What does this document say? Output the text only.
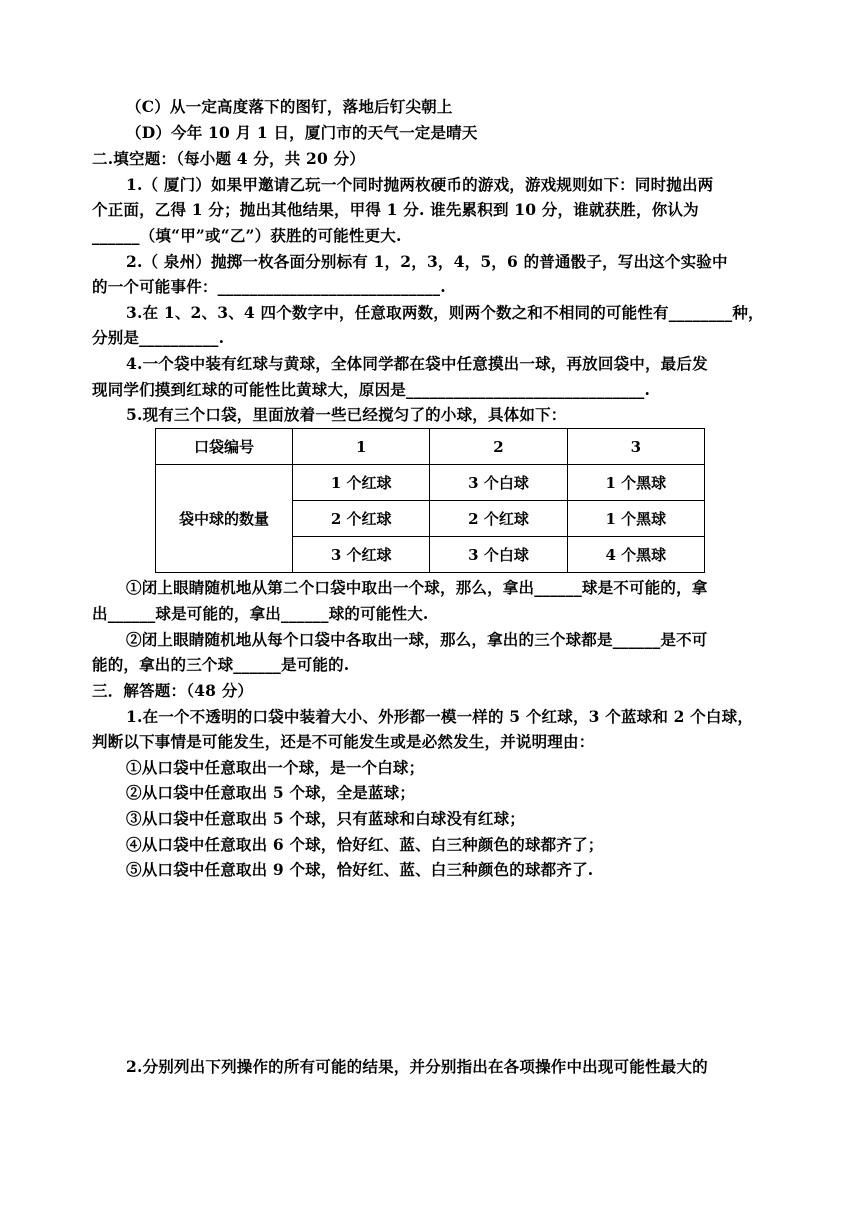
（C）从一定高度落下的图钉，落地后钉尖朝上
（D）今年 10 月 1 日，厦门市的天气一定是晴天
二.填空题：（每小题 4 分，共 20 分）
1.（ 厦门）如果甲邀请乙玩一个同时抛两枚硬币的游戏，游戏规则如下：同时抛出两
个正面，乙得 1 分；抛出其他结果，甲得 1 分. 谁先累积到 10 分，谁就获胜，你认为
______（填“甲”或“乙”）获胜的可能性更大.
2.（ 泉州）抛掷一枚各面分别标有 1，2，3，4，5，6 的普通骰子，写出这个实验中
的一个可能事件：____________________________.
3.在 1、2、3、4 四个数字中，任意取两数，则两个数之和不相同的可能性有________种，
分别是__________.
4.一个袋中装有红球与黄球，全体同学都在袋中任意摸出一球，再放回袋中，最后发
现同学们摸到红球的可能性比黄球大，原因是______________________________.
5.现有三个口袋，里面放着一些已经搅匀了的小球，具体如下：
口袋编号	1	2	3
袋中球的数量	1 个红球	3 个白球	1 个黑球
	2 个红球	2 个红球	1 个黑球
	3 个红球	3 个白球	4 个黑球
①闭上眼睛随机地从第二个口袋中取出一个球，那么，拿出______球是不可能的，拿
出______球是可能的，拿出______球的可能性大.
②闭上眼睛随机地从每个口袋中各取出一球，那么，拿出的三个球都是______是不可
能的，拿出的三个球______是可能的.
三．解答题：（48 分）
1.在一个不透明的口袋中装着大小、外形都一模一样的 5 个红球，3 个蓝球和 2 个白球，
判断以下事情是可能发生，还是不可能发生或是必然发生，并说明理由：
①从口袋中任意取出一个球，是一个白球；
②从口袋中任意取出 5 个球，全是蓝球；
③从口袋中任意取出 5 个球，只有蓝球和白球没有红球；
④从口袋中任意取出 6 个球，恰好红、蓝、白三种颜色的球都齐了；
⑤从口袋中任意取出 9 个球，恰好红、蓝、白三种颜色的球都齐了.
2.分别列出下列操作的所有可能的结果，并分别指出在各项操作中出现可能性最大的
